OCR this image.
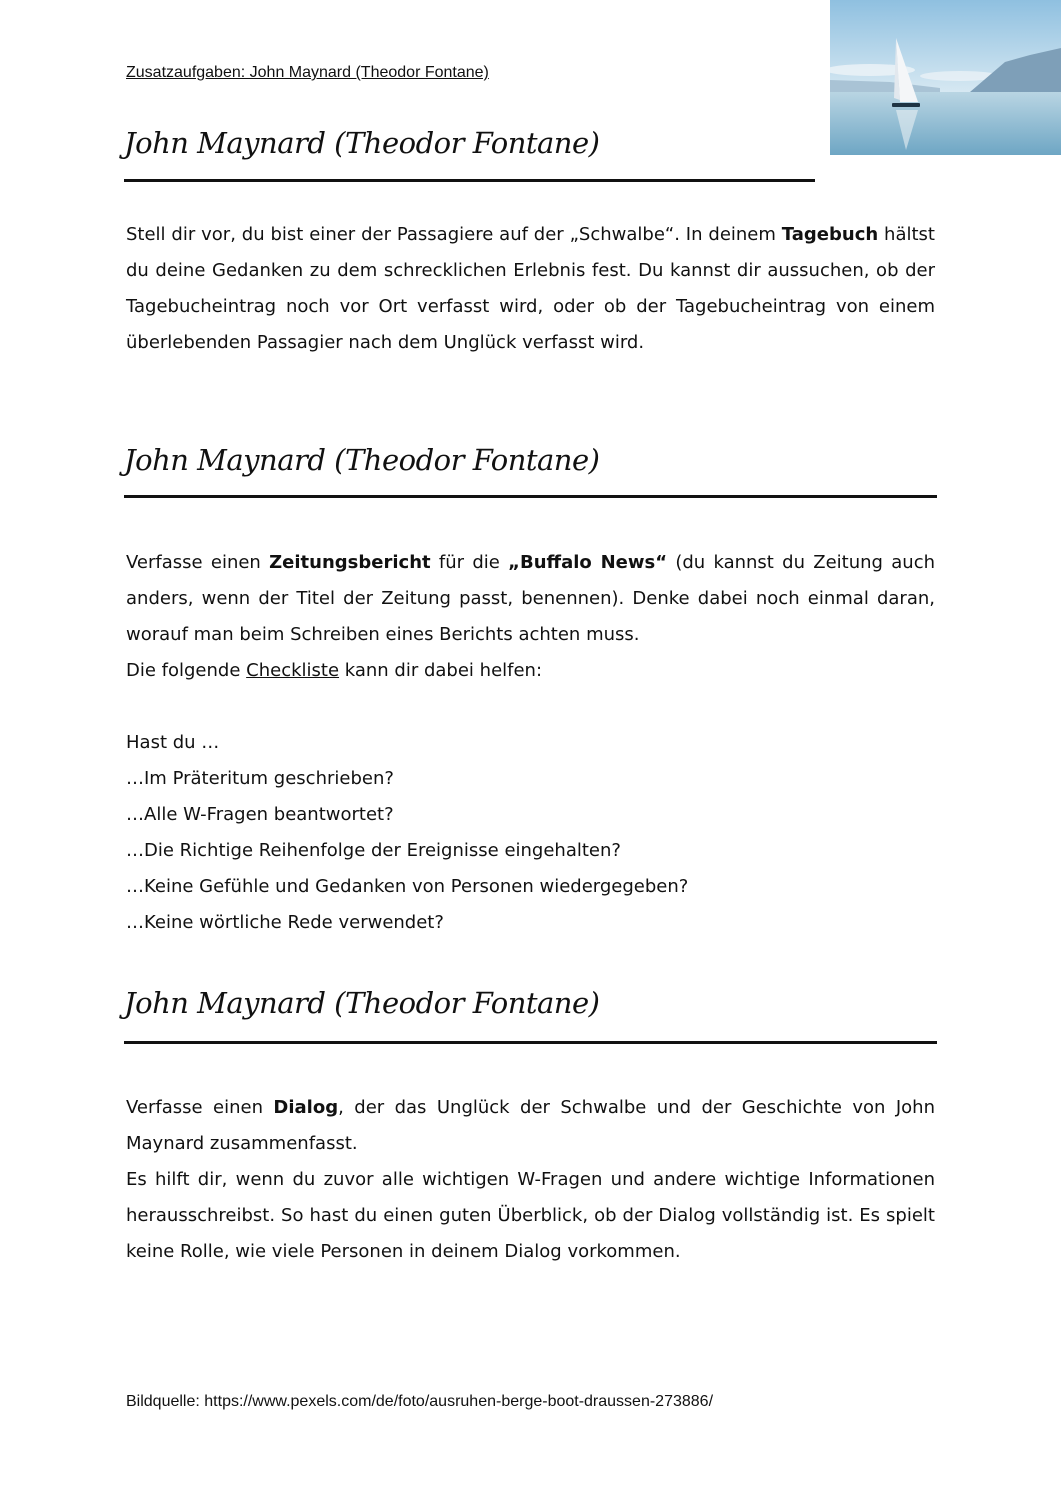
Zusatzaufgaben: John Maynard (Theodor Fontane)
John Maynard (Theodor Fontane)

Stell dir vor, du bist einer der Passagiere auf der „Schwalbe“. In deinem Tagebuch hältst du deine Gedanken zu dem schrecklichen Erlebnis fest. Du kannst dir aussuchen, ob der Tagebucheintrag noch vor Ort verfasst wird, oder ob der Tagebucheintrag von einem überlebenden Passagier nach dem Unglück verfasst wird.

John Maynard (Theodor Fontane)

Verfasse einen Zeitungsbericht für die „Buffalo News“ (du kannst du Zeitung auch anders, wenn der Titel der Zeitung passt, benennen). Denke dabei noch einmal daran, worauf man beim Schreiben eines Berichts achten muss.

Die folgende Checkliste kann dir dabei helfen:

Hast du …

…Im Präteritum geschrieben?

…Alle W-Fragen beantwortet?

…Die Richtige Reihenfolge der Ereignisse eingehalten?

…Keine Gefühle und Gedanken von Personen wiedergegeben?

…Keine wörtliche Rede verwendet?

John Maynard (Theodor Fontane)

Verfasse einen Dialog, der das Unglück der Schwalbe und der Geschichte von John Maynard zusammenfasst.

Es hilft dir, wenn du zuvor alle wichtigen W-Fragen und andere wichtige Informationen herausschreibst. So hast du einen guten Überblick, ob der Dialog vollständig ist. Es spielt keine Rolle, wie viele Personen in deinem Dialog vorkommen.

Bildquelle: https://www.pexels.com/de/foto/ausruhen-berge-boot-draussen-273886/
